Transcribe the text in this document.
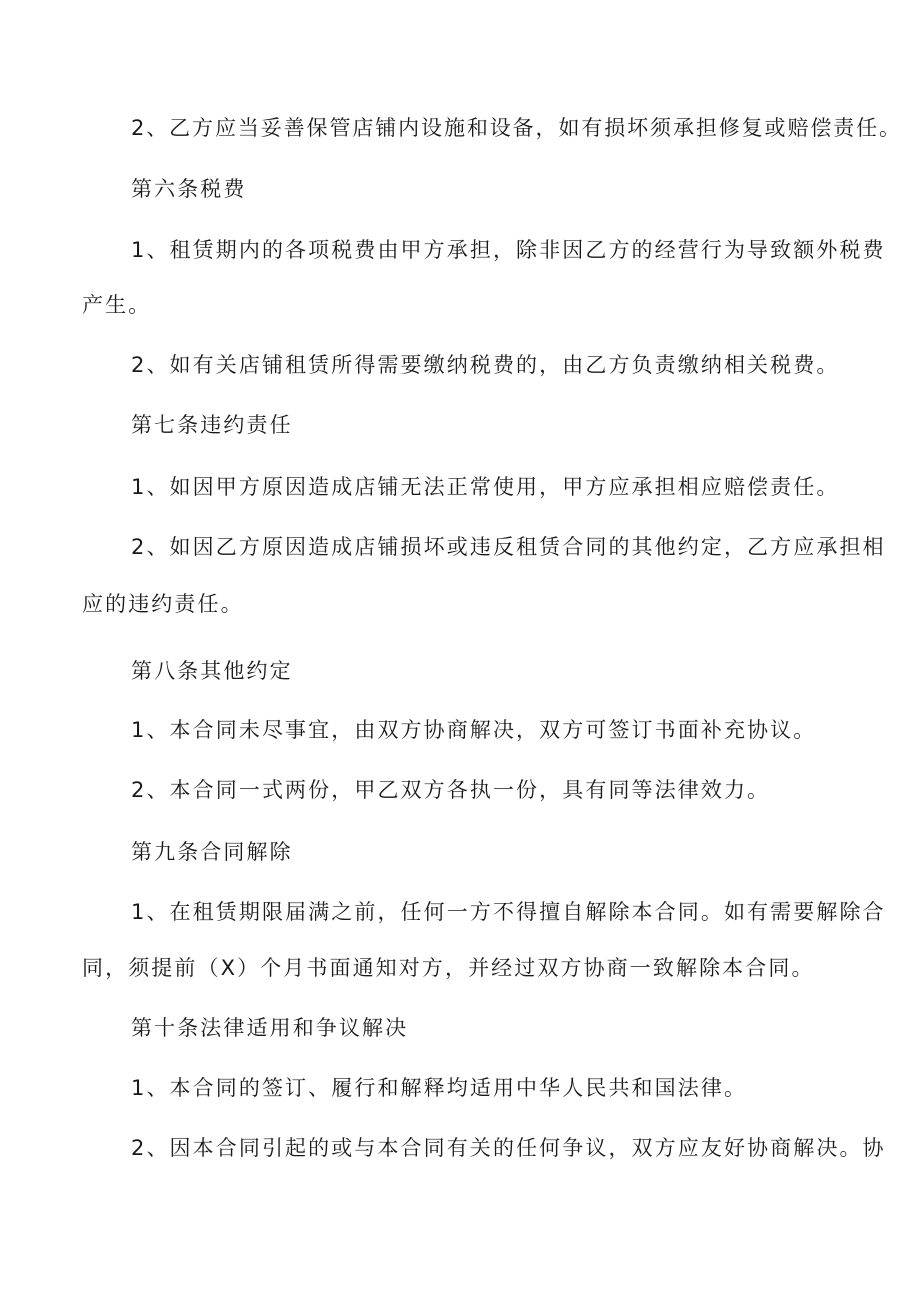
2、乙方应当妥善保管店铺内设施和设备，如有损坏须承担修复或赔偿责任。
第六条税费
1、租赁期内的各项税费由甲方承担，除非因乙方的经营行为导致额外税费
产生。
2、如有关店铺租赁所得需要缴纳税费的，由乙方负责缴纳相关税费。
第七条违约责任
1、如因甲方原因造成店铺无法正常使用，甲方应承担相应赔偿责任。
2、如因乙方原因造成店铺损坏或违反租赁合同的其他约定，乙方应承担相
应的违约责任。
第八条其他约定
1、本合同未尽事宜，由双方协商解决，双方可签订书面补充协议。
2、本合同一式两份，甲乙双方各执一份，具有同等法律效力。
第九条合同解除
1、在租赁期限届满之前，任何一方不得擅自解除本合同。如有需要解除合
同，须提前（X）个月书面通知对方，并经过双方协商一致解除本合同。
第十条法律适用和争议解决
1、本合同的签订、履行和解释均适用中华人民共和国法律。
2、因本合同引起的或与本合同有关的任何争议，双方应友好协商解决。协
